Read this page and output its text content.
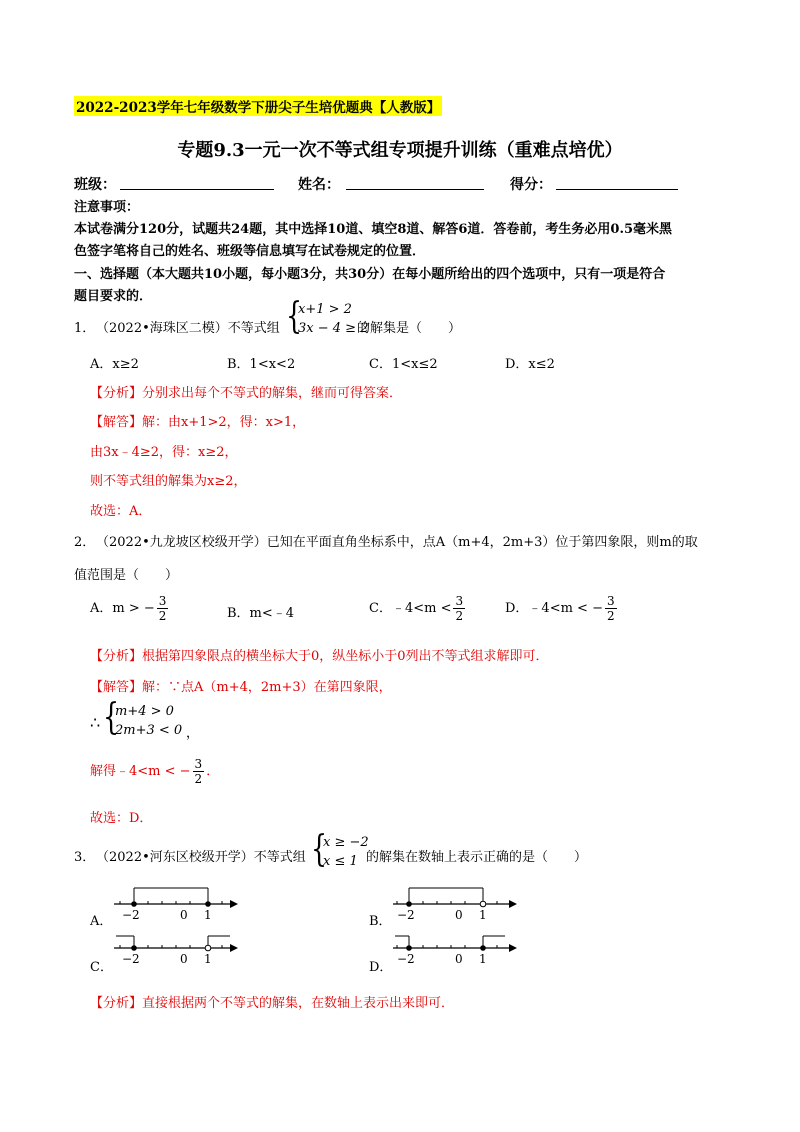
2022-2023学年七年级数学下册尖子生培优题典【人教版】
专题9.3一元一次不等式组专项提升训练（重难点培优）
班级：	姓名：	得分：
注意事项：
本试卷满分120分，试题共24题，其中选择10道、填空8道、解答6道．答卷前，考生务必用0.5毫米黑
色签字笔将自己的姓名、班级等信息填写在试卷规定的位置．
一、选择题（本大题共10小题，每小题3分，共30分）在每小题所给出的四个选项中，只有一项是符合
题目要求的．
1． （2022•海珠区二模）不等式组 {
x+1 > 2
3x − 4 ≥ 2
的解集是（　　）
A．x≥2	B．1<x<2	C．1<x≤2	D．x≤2
【分析】分别求出每个不等式的解集，继而可得答案．
【解答】解：由x+1>2，得：x>1，
由3x﹣4≥2，得：x≥2，
则不等式组的解集为x≥2，
故选：A．
2． （2022•九龙坡区校级开学）已知在平面直角坐标系中，点A（m+4，2m+3）位于第四象限，则m的取
值范围是（　　）
A．m > − $\frac{3}{2}$	B．m<﹣4	C．﹣4<m < $\frac{3}{2}$	D．﹣4<m < − $\frac{3}{2}$
【分析】根据第四象限点的横坐标大于0，纵坐标小于0列出不等式组求解即可．
【解答】解：∵点A（m+4，2m+3）在第四象限，
∴ {
m+4 > 0
2m+3 < 0 ，
解得﹣4<m < − $\frac{3}{2}$ ．
故选：D．
3． （2022•河东区校级开学）不等式组 {
x ≥ −2
x ≤ 1 的解集在数轴上表示正确的是（　　）
A． −2	0 1	B． −2	0 1
C．
−2	0 1
D．
−2	0 1
【分析】直接根据两个不等式的解集，在数轴上表示出来即可．
